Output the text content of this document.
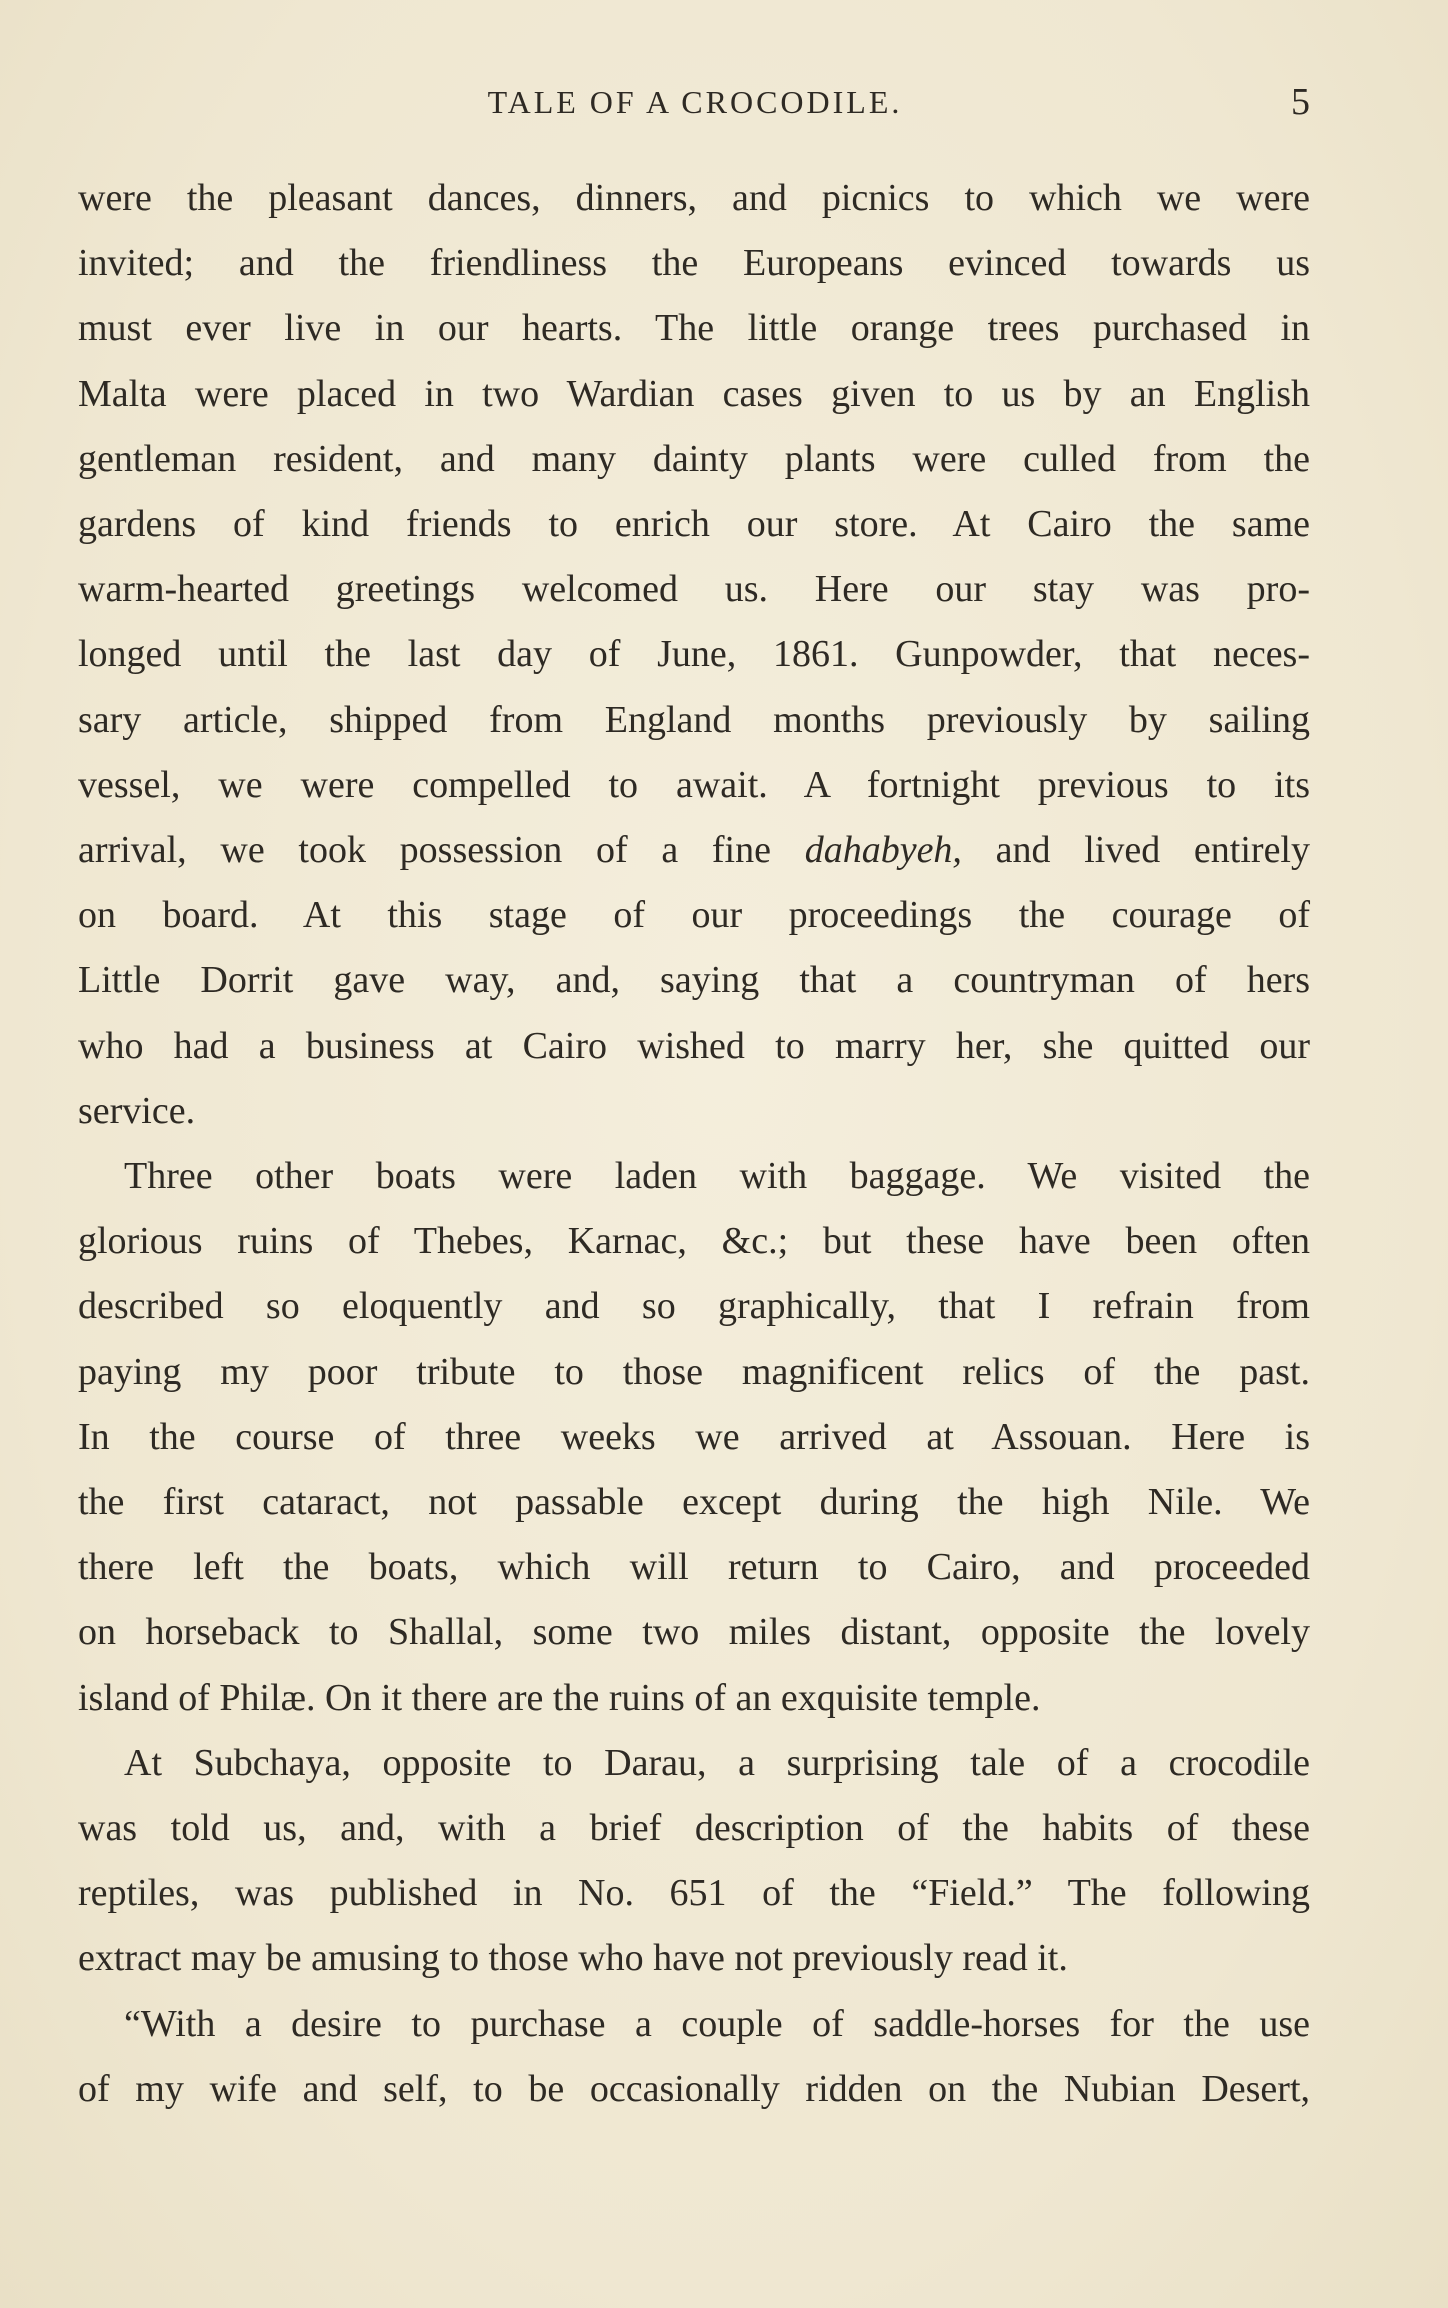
TALE OF A CROCODILE.	5

were the pleasant dances, dinners, and picnics to which we were
invited; and the friendliness the Europeans evinced towards us
must ever live in our hearts. The little orange trees purchased in
Malta were placed in two Wardian cases given to us by an English
gentleman resident, and many dainty plants were culled from the
gardens of kind friends to enrich our store. At Cairo the same
warm-hearted greetings welcomed us. Here our stay was pro-
longed until the last day of June, 1861. Gunpowder, that neces-
sary article, shipped from England months previously by sailing
vessel, we were compelled to await. A fortnight previous to its
arrival, we took possession of a fine dahabyeh, and lived entirely
on board. At this stage of our proceedings the courage of
Little Dorrit gave way, and, saying that a countryman of hers
who had a business at Cairo wished to marry her, she quitted our
service.

Three other boats were laden with baggage. We visited the
glorious ruins of Thebes, Karnac, &c.; but these have been often
described so eloquently and so graphically, that I refrain from
paying my poor tribute to those magnificent relics of the past.
In the course of three weeks we arrived at Assouan. Here is
the first cataract, not passable except during the high Nile. We
there left the boats, which will return to Cairo, and proceeded
on horseback to Shallal, some two miles distant, opposite the lovely
island of Philæ. On it there are the ruins of an exquisite temple.

At Subchaya, opposite to Darau, a surprising tale of a crocodile
was told us, and, with a brief description of the habits of these
reptiles, was published in No. 651 of the “Field.” The following
extract may be amusing to those who have not previously read it.

“With a desire to purchase a couple of saddle-horses for the use
of my wife and self, to be occasionally ridden on the Nubian Desert,
